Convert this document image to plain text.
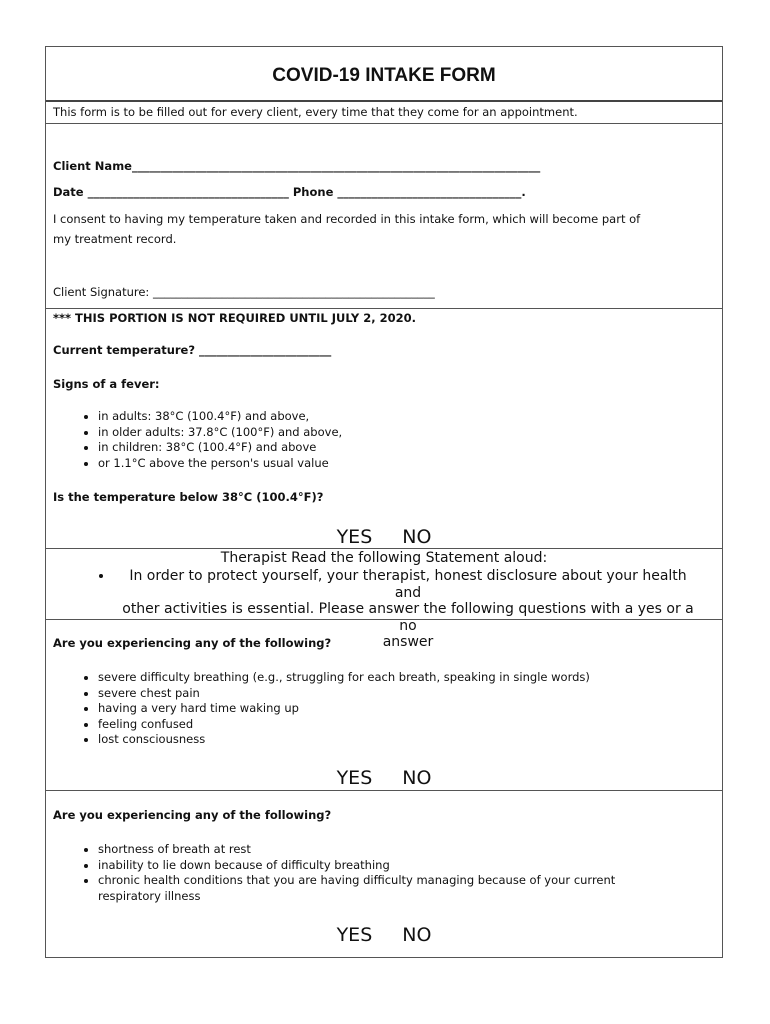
COVID-19 INTAKE FORM
This form is to be filled out for every client, every time that they come for an appointment.
Client Name_______________________________________________________________________
Date ___________________________________ Phone ________________________________.
I consent to having my temperature taken and recorded in this intake form, which will become part of
my treatment record.
Client Signature: _________________________________________________
*** THIS PORTION IS NOT REQUIRED UNTIL JULY 2, 2020.
Current temperature? _______________________
Signs of a fever:
• in adults: 38°C (100.4°F) and above,
• in older adults: 37.8°C (100°F) and above,
• in children: 38°C (100.4°F) and above
• or 1.1°C above the person's usual value
Is the temperature below 38°C (100.4°F)?
YES NO
Therapist Read the following Statement aloud:
• In order to protect yourself, your therapist, honest disclosure about your health and
other activities is essential. Please answer the following questions with a yes or a no
answer
Are you experiencing any of the following?
• severe difficulty breathing (e.g., struggling for each breath, speaking in single words)
• severe chest pain
• having a very hard time waking up
• feeling confused
• lost consciousness
YES NO
Are you experiencing any of the following?
• shortness of breath at rest
• inability to lie down because of difficulty breathing
• chronic health conditions that you are having difficulty managing because of your current
respiratory illness
YES NO
